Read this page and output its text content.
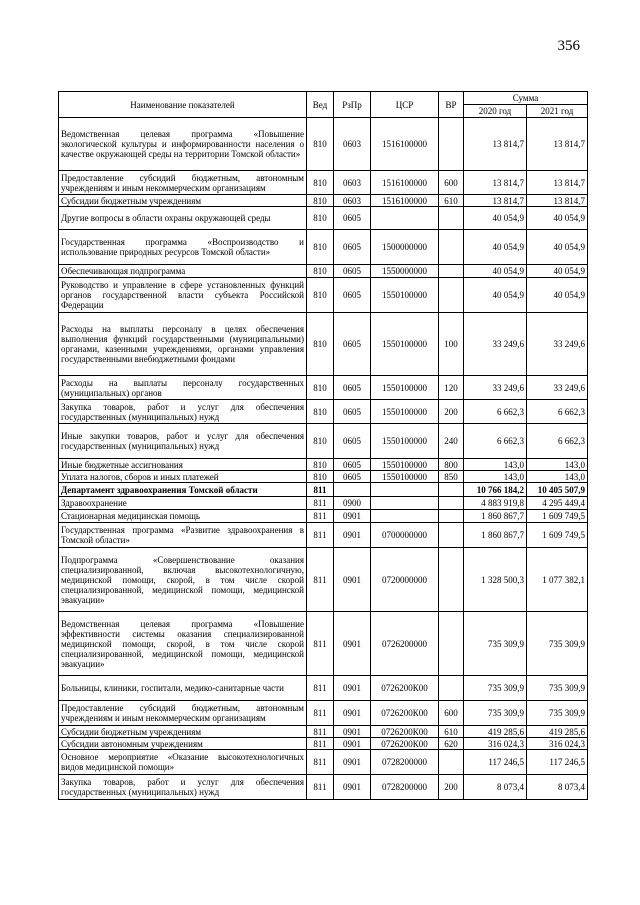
356
Наименование показателей	Вед	РзПр	ЦСР	ВР	Сумма	
					2020 год	2021 год
Ведомственная целевая программа «Повышение экологической культуры и информированности населения о качестве окружающей среды на территории Томской области»	810	0603	1516100000		13 814,7	13 814,7
Предоставление субсидий бюджетным, автономным учреждениям и иным некоммерческим организациям	810	0603	1516100000	600	13 814,7	13 814,7
Субсидии бюджетным учреждениям	810	0603	1516100000	610	13 814,7	13 814,7
Другие вопросы в области охраны окружающей среды	810	0605			40 054,9	40 054,9
Государственная программа «Воспроизводство и использование природных ресурсов Томской области»	810	0605	1500000000		40 054,9	40 054,9
Обеспечивающая подпрограмма	810	0605	1550000000		40 054,9	40 054,9
Руководство и управление в сфере установленных функций органов государственной власти субъекта Российской Федерации	810	0605	1550100000		40 054,9	40 054,9
Расходы на выплаты персоналу в целях обеспечения выполнения функций государственными (муниципальными) органами, казенными учреждениями, органами управления государственными внебюджетными фондами	810	0605	1550100000	100	33 249,6	33 249,6
Расходы на выплаты персоналу государственных (муниципальных) органов	810	0605	1550100000	120	33 249,6	33 249,6
Закупка товаров, работ и услуг для обеспечения государственных (муниципальных) нужд	810	0605	1550100000	200	6 662,3	6 662,3
Иные закупки товаров, работ и услуг для обеспечения государственных (муниципальных) нужд	810	0605	1550100000	240	6 662,3	6 662,3
Иные бюджетные ассигнования	810	0605	1550100000	800	143,0	143,0
Уплата налогов, сборов и иных платежей	810	0605	1550100000	850	143,0	143,0
Департамент здравоохранения Томской области	811				10 766 184,2	10 405 507,9
Здравоохранение	811	0900			4 883 919,8	4 295 449,4
Стационарная медицинская помощь	811	0901			1 860 867,7	1 609 749,5
Государственная программа «Развитие здравоохранения в Томской области»	811	0901	0700000000		1 860 867,7	1 609 749,5
Подпрограмма «Совершенствование оказания специализированной, включая высокотехнологичную, медицинской помощи, скорой, в том числе скорой специализированной, медицинской помощи, медицинской эвакуации»	811	0901	0720000000		1 328 500,3	1 077 382,1
Ведомственная целевая программа «Повышение эффективности системы оказания специализированной медицинской помощи, скорой, в том числе скорой специализированной, медицинской помощи, медицинской эвакуации»	811	0901	0726200000		735 309,9	735 309,9
Больницы, клиники, госпитали, медико-санитарные части	811	0901	0726200К00		735 309,9	735 309,9
Предоставление субсидий бюджетным, автономным учреждениям и иным некоммерческим организациям	811	0901	0726200К00	600	735 309,9	735 309,9
Субсидии бюджетным учреждениям	811	0901	0726200К00	610	419 285,6	419 285,6
Субсидии автономным учреждениям	811	0901	0726200К00	620	316 024,3	316 024,3
Основное мероприятие «Оказание высокотехнологичных видов медицинской помощи»	811	0901	0728200000		117 246,5	117 246,5
Закупка товаров, работ и услуг для обеспечения государственных (муниципальных) нужд	811	0901	0728200000	200	8 073,4	8 073,4
